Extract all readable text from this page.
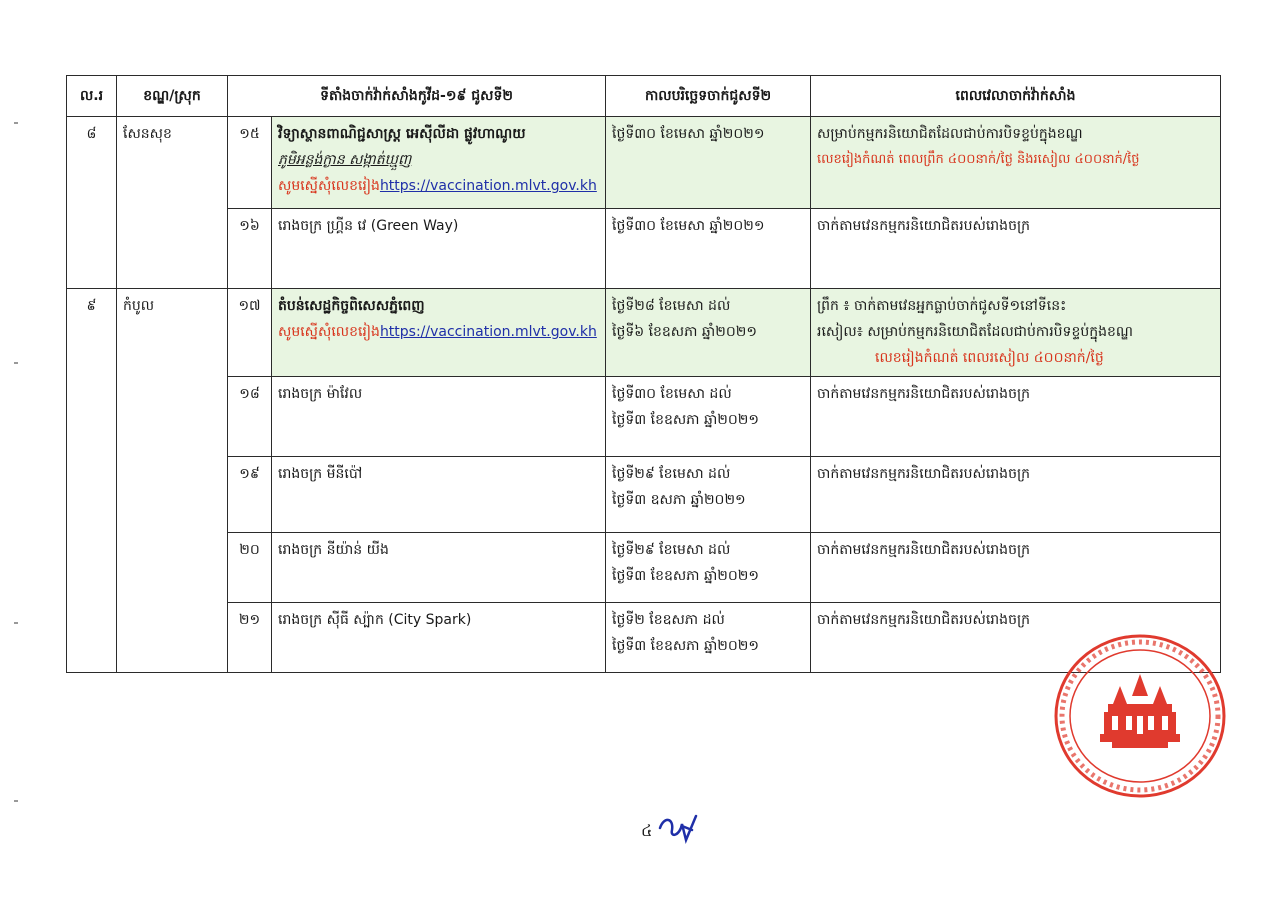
ល.រ	ខណ្ឌ/ស្រុក	ទីតាំងចាក់វ៉ាក់សាំងកូវីដ-១៩ ជូសទី២		កាលបរិច្ឆេទចាក់ជូសទី២	ពេលវេលាចាក់វ៉ាក់សាំង
៨	សែនសុខ	១៥	វិទ្យាស្ថានពាណិជ្ជសាស្ត្រ អេស៊ីលីដា ផ្លូវហាណូយ
ភូមិអន្លង់ក្ងាន សង្កាត់ឃ្មួញ
សូមស្នើសុំលេខរៀងhttps://vaccination.mlvt.gov.kh	ថ្ងៃទី៣០ ខែមេសា ឆ្នាំ២០២១	សម្រាប់កម្មករនិយោជិតដែលជាប់ការបិទខ្ទប់ក្នុងខណ្ឌ
លេខរៀងកំណត់ ពេលព្រឹក ៤០០នាក់/ថ្ងៃ និងរសៀល ៤០០នាក់/ថ្ងៃ

		១៦	រោងចក្រ ហ្គ្រីន វេ (Green Way)	ថ្ងៃទី៣០ ខែមេសា ឆ្នាំ២០២១	ចាក់តាមវេនកម្មករនិយោជិតរបស់រោងចក្រ

៩	កំបូល	១៧	តំបន់សេដ្ឋកិច្ចពិសេសភ្នំពេញ
សូមស្នើសុំលេខរៀងhttps://vaccination.mlvt.gov.kh	ថ្ងៃទី២៨ ខែមេសា ដល់
ថ្ងៃទី៦ ខែឧសភា ឆ្នាំ២០២១	ព្រឹក ៖ ចាក់តាមវេនអ្នកធ្លាប់ចាក់ជូសទី១នៅទីនេះ
រសៀល៖ សម្រាប់កម្មករនិយោជិតដែលជាប់ការបិទខ្ទប់ក្នុងខណ្ឌ
លេខរៀងកំណត់ ពេលរសៀល ៤០០នាក់/ថ្ងៃ

		១៨	រោងចក្រ ម៉ាវែល	ថ្ងៃទី៣០ ខែមេសា ដល់
ថ្ងៃទី៣ ខែឧសភា ឆ្នាំ២០២១	ចាក់តាមវេនកម្មករនិយោជិតរបស់រោងចក្រ

		១៩	រោងចក្រ មីនីប៉ៅ	ថ្ងៃទី២៩ ខែមេសា ដល់
ថ្ងៃទី៣ ឧសភា ឆ្នាំ២០២១	ចាក់តាមវេនកម្មករនិយោជិតរបស់រោងចក្រ

		២០	រោងចក្រ នីយ៉ាន់ យីង	ថ្ងៃទី២៩ ខែមេសា ដល់
ថ្ងៃទី៣ ខែឧសភា ឆ្នាំ២០២១	ចាក់តាមវេនកម្មករនិយោជិតរបស់រោងចក្រ

		២១	រោងចក្រ ស៊ីធី ស្ប៉ាក (City Spark)	ថ្ងៃទី២ ខែឧសភា ដល់
ថ្ងៃទី៣ ខែឧសភា ឆ្នាំ២០២១	ចាក់តាមវេនកម្មករនិយោជិតរបស់រោងចក្រ
៤
